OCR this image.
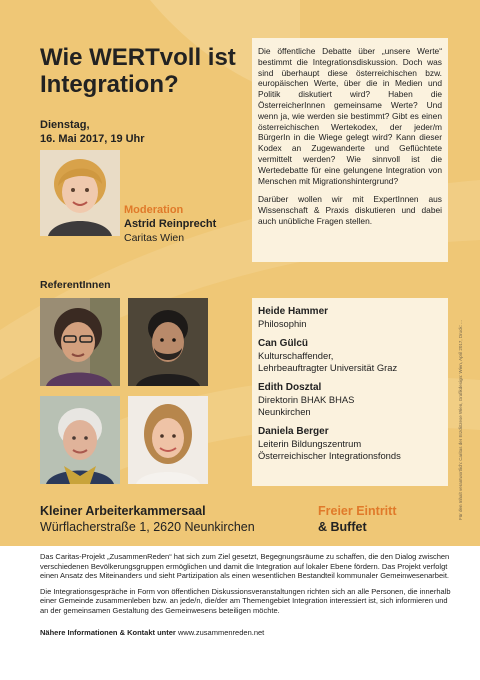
Wie WERTvoll ist Integration?
Dienstag,
16. Mai 2017, 19 Uhr
Moderation
Astrid Reinprecht
Caritas Wien

Die öffentliche Debatte über „unsere Werte“ bestimmt die Integrationsdiskussion. Doch was sind überhaupt diese österreichischen bzw. europäischen Werte, über die in Medien und Politik diskutiert wird? Haben die ÖsterreicherInnen gemeinsame Werte? Und wenn ja, wie werden sie bestimmt? Gibt es einen österreichischen Wertekodex, der jeder/m BürgerIn in die Wiege gelegt wird? Kann dieser Kodex an Zugewanderte und Geflüchtete vermittelt werden? Wie sinnvoll ist die Wertedebatte für eine gelungene Integration von Menschen mit Migrationshintergrund?

Darüber wollen wir mit ExpertInnen aus Wissenschaft & Praxis diskutieren und dabei auch unübliche Fragen stellen.

ReferentInnen
Heide Hammer
Philosophin
Can Gülcü
Kulturschaffender,
Lehrbeauftragter Universität Graz
Edith Dosztal
Direktorin BHAK BHAS
Neunkirchen
Daniela Berger
Leiterin Bildungszentrum
Österreichischer Integrationsfonds
Kleiner Arbeiterkammersaal
Würflacherstraße 1, 2620 Neunkirchen
Freier Eintritt
& Buffet
Für den Inhalt verantwortlich: Caritas der Erzdiözese Wien, Grafikdesign: Wien, April 2017, Druck: ...

Das Caritas-Projekt „ZusammenReden“ hat sich zum Ziel gesetzt, Begegnungsräume zu schaffen, die den Dialog zwischen verschiedenen Bevölkerungsgruppen ermöglichen und damit die Integration auf lokaler Ebene fördern. Das Projekt verfolgt einen Ansatz des Miteinanders und sieht Partizipation als einen wesentlichen Bestandteil kommunaler Gemeinwesenarbeit.

Die Integrationsgespräche in Form von öffentlichen Diskussionsveranstaltungen richten sich an alle Personen, die innerhalb einer Gemeinde zusammenleben bzw. an jede/n, die/der am Themengebiet Integration interessiert ist, sich informieren und an der gemeinsamen Gestaltung des Gemeinwesens beteiligen möchte.

Nähere Informationen & Kontakt unter www.zusammenreden.net
